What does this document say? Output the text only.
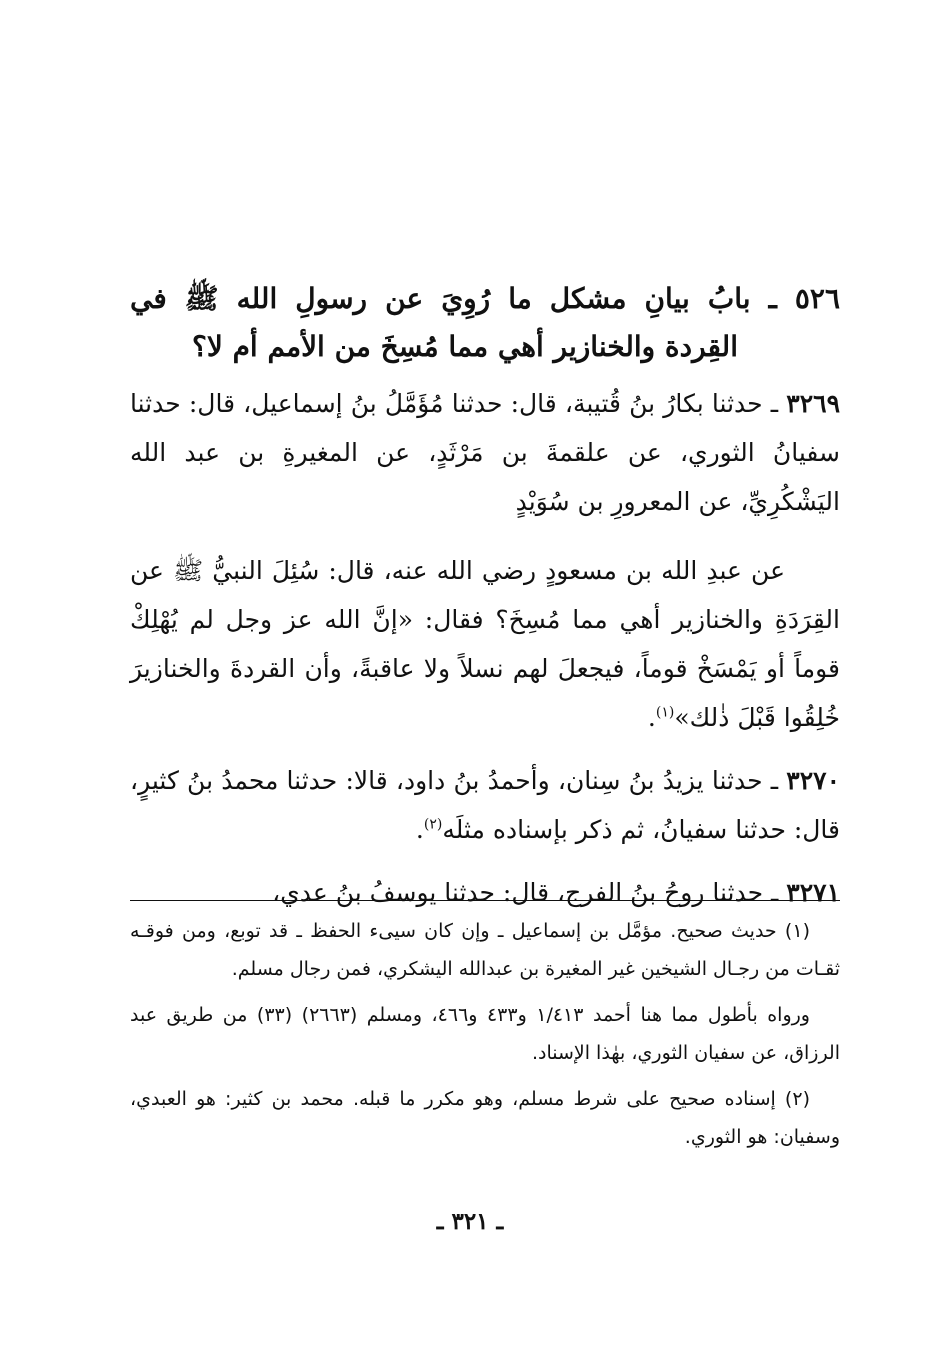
٥٢٦ ـ بابُ بيانِ مشكل ما رُوِيَ عن رسولِ الله ﷺ في
القِردة والخنازير أهي مما مُسِخَ من الأمم أم لا؟

٣٢٦٩ ـ حدثنا بكارُ بنُ قُتيبة، قال: حدثنا مُؤَمَّلُ بنُ إسماعيل، قال: حدثنا سفيانُ الثوري، عن علقمةَ بن مَرْثَدٍ، عن المغيرةِ بن عبد الله اليَشْكُرِيِّ، عن المعرورِ بن سُوَيْدٍ

عن عبدِ الله بن مسعودٍ رضي الله عنه، قال: سُئِلَ النبيُّ ﷺ عن القِرَدَةِ والخنازير أهي مما مُسِخَ؟ فقال: «إنَّ الله عز وجل لم يُهْلِكْ قوماً أو يَمْسَخْ قوماً، فيجعلَ لهم نسلاً ولا عاقبةً، وأن القردةَ والخنازيرَ خُلِقُوا قَبْلَ ذٰلك»$^{(١)}$.

٣٢٧٠ ـ حدثنا يزيدُ بنُ سِنان، وأحمدُ بنُ داود، قالا: حدثنا محمدُ بنُ كثيرٍ، قال: حدثنا سفيانُ، ثم ذكر بإسناده مثلَه$^{(٢)}$.

٣٢٧١ ـ حدثنا روحُ بنُ الفرج، قال: حدثنا يوسفُ بنُ عدي،

(١) حديث صحيح. مؤمَّل بن إسماعيل ـ وإن كان سيىء الحفظ ـ قد توبع، ومن فوقـه ثقـات من رجـال الشيخين غير المغيرة بن عبدالله اليشكري، فمن رجال مسلم.

ورواه بأطول مما هنا أحمد ١/٤١٣ و٤٣٣ و٤٦٦، ومسلم (٢٦٦٣) (٣٣) من طريق عبد الرزاق، عن سفيان الثوري، بهٰذا الإسناد.

(٢) إسناده صحيح على شرط مسلم، وهو مكرر ما قبله. محمد بن كثير: هو العبدي، وسفيان: هو الثوري.

ـ ٣٢١ ـ
